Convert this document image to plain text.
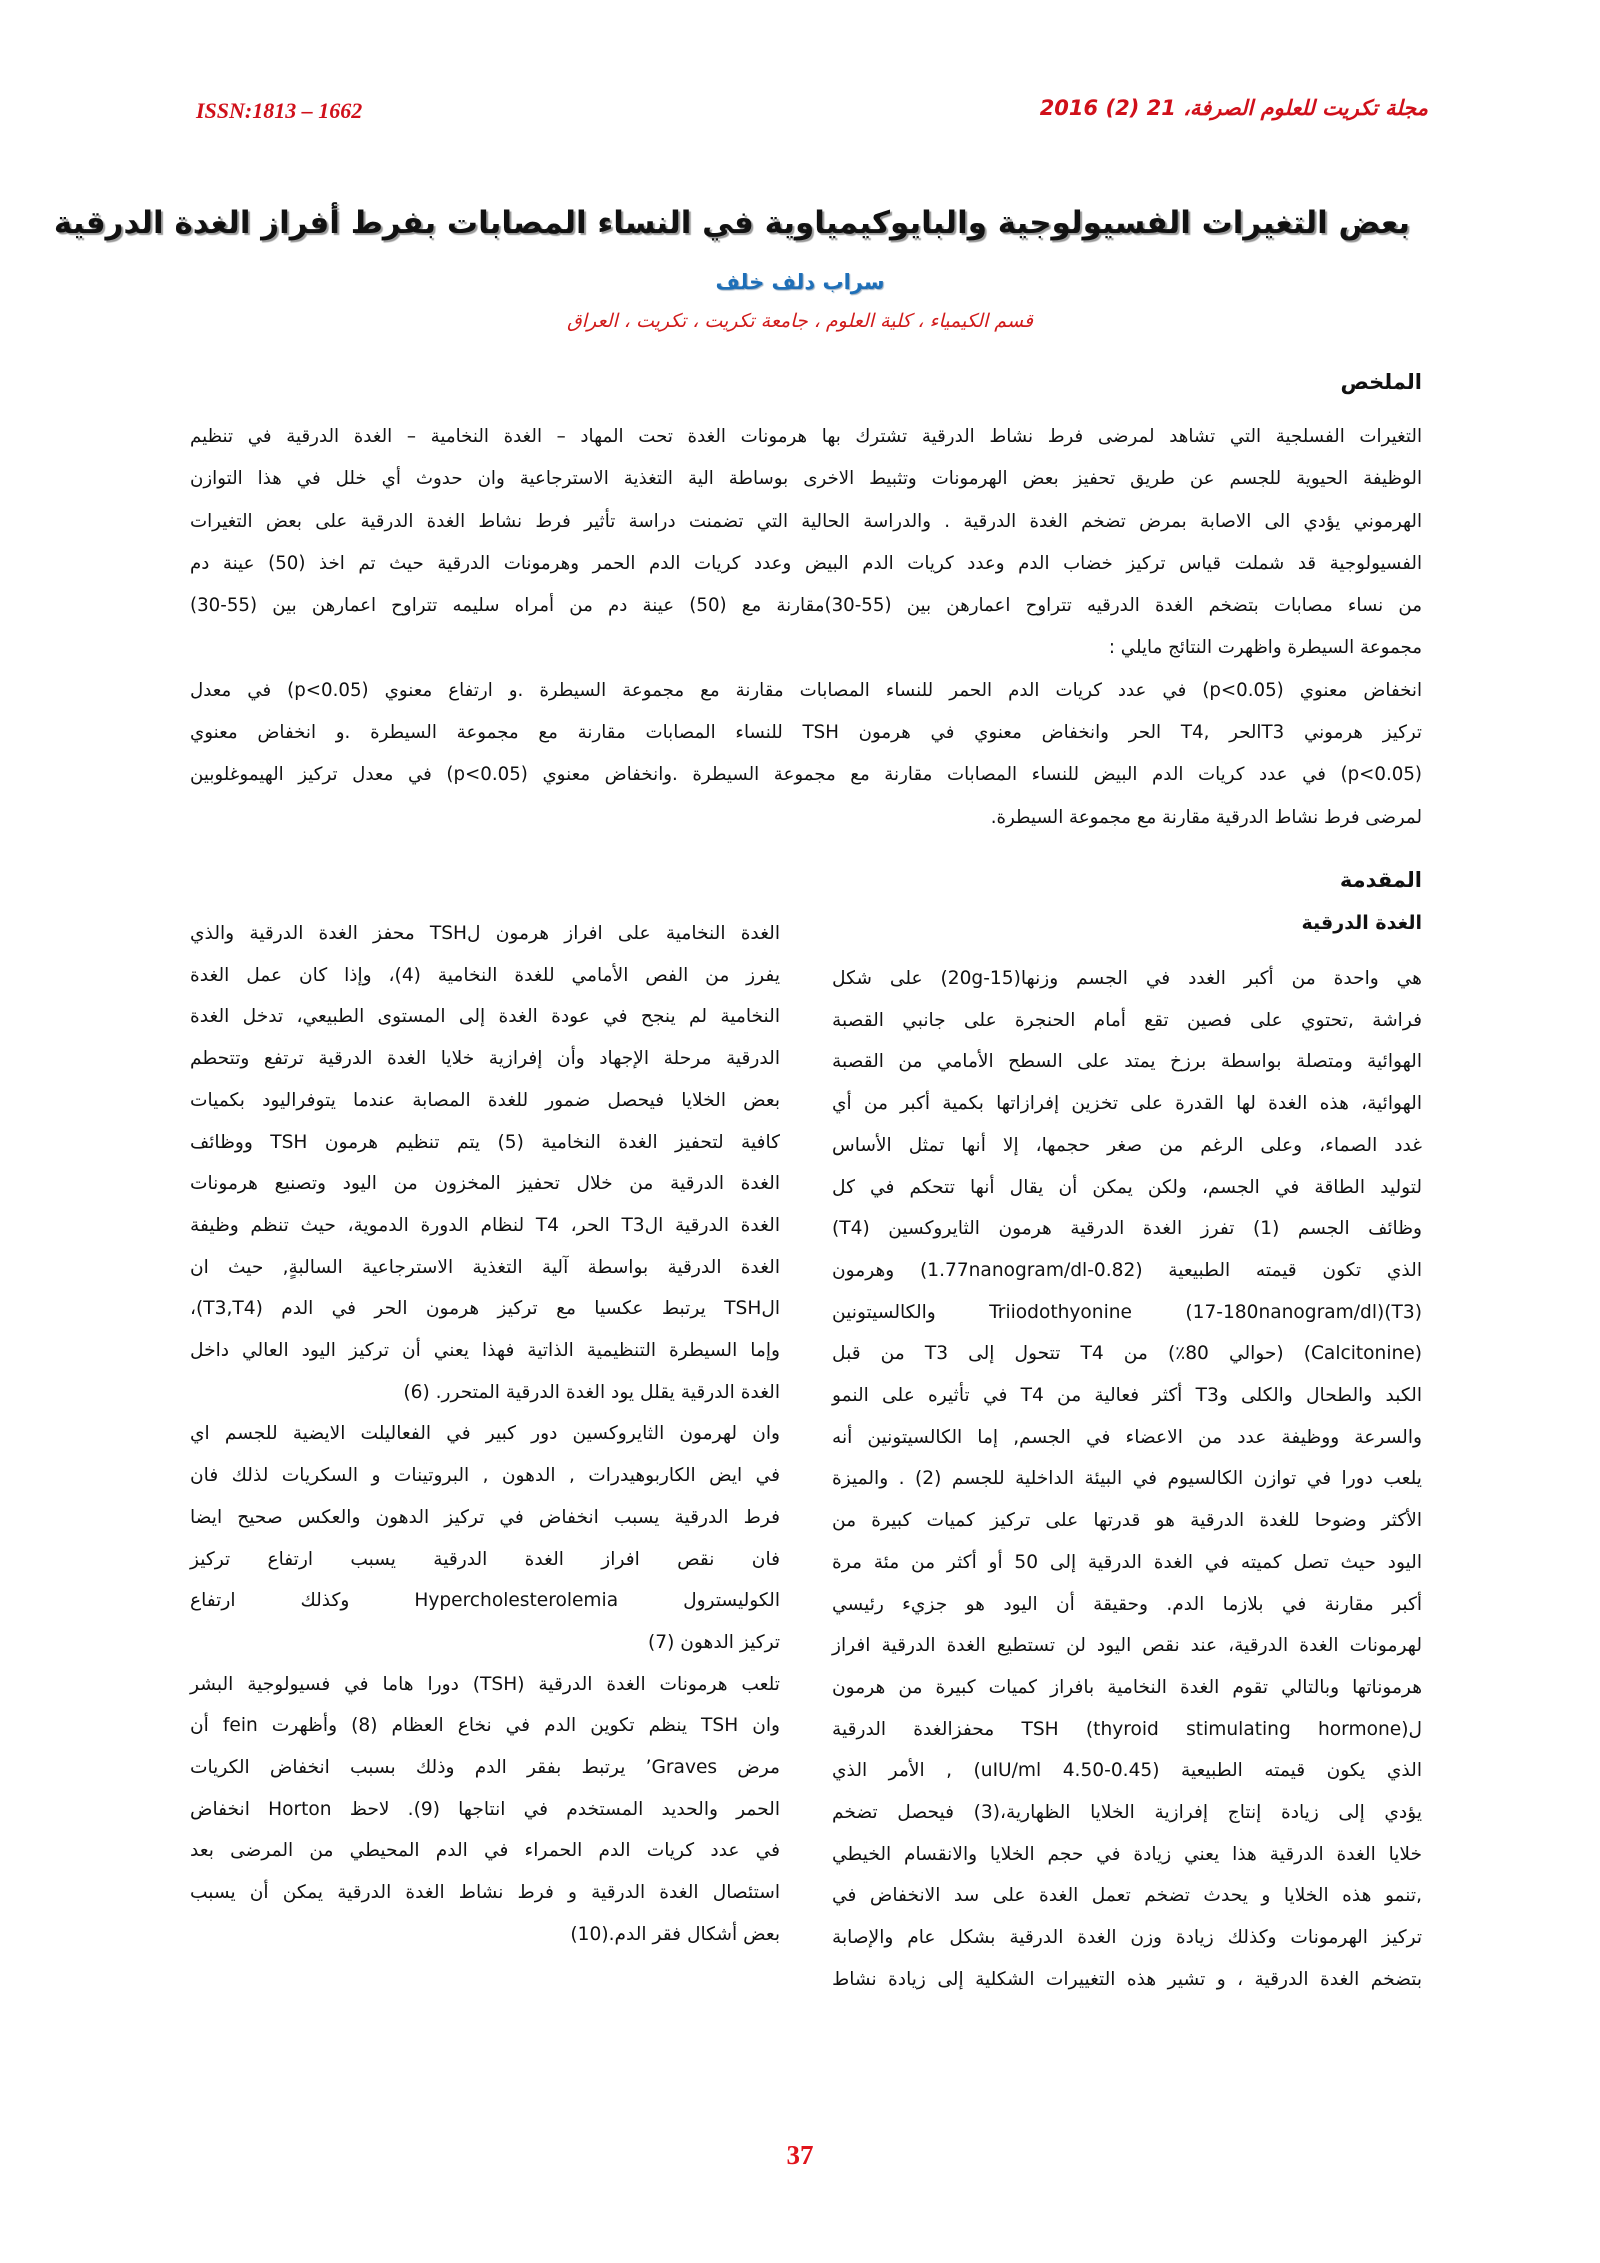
ISSN:1813 – 1662	مجلة تكريت للعلوم الصرفة، 21 (2) 2016
بعض التغيرات الفسيولوجية والبايوكيمياوية في النساء المصابات بفرط أفراز الغدة الدرقية
سراب دلف خلف
قسم الكيمياء ، كلية العلوم ، جامعة تكريت ، تكريت ، العراق
الملخص
التغيرات الفسلجية التي تشاهد لمرضى فرط نشاط الدرقية تشترك بها هرمونات الغدة تحت المهاد – الغدة النخامية – الغدة الدرقية في تنظيم
الوظيفة الحيوية للجسم عن طريق تحفيز بعض الهرمونات وتثبيط الاخرى بوساطة الية التغذية الاسترجاعية وان حدوث أي خلل في هذا التوازن
الهرموني يؤدي الى الاصابة بمرض تضخم الغدة الدرقية . والدراسة الحالية التي تضمنت دراسة تأثير فرط نشاط الغدة الدرقية على بعض التغيرات
الفسيولوجية قد شملت قياس تركيز خضاب الدم وعدد كريات الدم البيض وعدد كريات الدم الحمر وهرمونات الدرقية حيث تم اخذ (50) عينة دم
من نساء مصابات بتضخم الغدة الدرقيه تتراوح اعمارهن بين (55-30)مقارنة مع (50) عينة دم من أمراه سليمه تتراوح اعمارهن بين (55-30)
مجموعة السيطرة واظهرت النتائج مايلي :
انخفاض معنوي (p<0.05) في عدد كريات الدم الحمر للنساء المصابات مقارنة مع مجموعة السيطرة .و ارتفاع معنوي (p<0.05) في معدل
تركيز هرموني T3الحر ,T4 الحر وانخفاض معنوي في هرمون TSH للنساء المصابات مقارنة مع مجموعة السيطرة .و انخفاض معنوي
(p<0.05) في عدد كريات الدم البيض للنساء المصابات مقارنة مع مجموعة السيطرة .وانخفاض معنوي (p<0.05) في معدل تركيز الهيموغلوبين
لمرضى فرط نشاط الدرقية مقارنة مع مجموعة السيطرة.
المقدمة
الغدة الدرقية
هي واحدة من أكبر الغدد في الجسم وزنها(15-20g) على شكل
فراشة ,تحتوي على فصين تقع أمام الحنجرة على جانبي القصبة
الهوائية ومتصلة بواسطة برزخ يمتد على السطح الأمامي من القصبة
الهوائية، هذه الغدة لها القدرة على تخزين إفرازاتها بكمية أكبر من أي
غدد الصماء، وعلى الرغم من صغر حجمها، إلا أنها تمثل الأساس
لتوليد الطاقة في الجسم، ولكن يمكن أن يقال أنها تتحكم في كل
وظائف الجسم (1) تفرز الغدة الدرقية هرمون الثايروكسين (T4)
الذي تكون قيمته الطبيعية (0.82-1.77nanogram/dl) وهرمون
(T3)Triiodothyonine (17-180nanogram/dl) والكالسيتونين
(Calcitonine) (حوالي 80٪) من T4 تتحول إلى T3 من قبل
الكبد والطحال والكلى وT3 أكثر فعالية من T4 في تأثيره على النمو
والسرعة ووظيفة عدد من الاعضاء في الجسم, إما الكالسيتونين أنه
يلعب دورا في توازن الكالسيوم في البيئة الداخلية للجسم (2) . والميزة
الأكثر وضوحا للغدة الدرقية هو قدرتها على تركيز كميات كبيرة من
اليود حيث تصل كميته في الغدة الدرقية إلى 50 أو أكثر من مئة مرة
أكبر مقارنة في بلازما الدم. وحقيقة أن اليود هو جزيء رئيسي
لهرمونات الغدة الدرقية، عند نقص اليود لن تستطيع الغدة الدرقية افراز
هرموناتها وبالتالي تقوم الغدة النخامية بافراز كميات كبيرة من هرمون
لTSH (thyroid stimulating hormone) محفزالغدة الدرقية
الذي يكون قيمته الطبيعية (0.45-4.50 uIU/ml) , الأمر الذي
يؤدي إلى زيادة إنتاج إفرازية الخلايا الظهارية،(3) فيحصل تضخم
خلايا الغدة الدرقية هذا يعني زيادة في حجم الخلايا والانقسام الخيطي
,تنمو هذه الخلايا و يحدث تضخم تعمل الغدة على سد الانخفاض في
تركيز الهرمونات وكذلك زيادة وزن الغدة الدرقية بشكل عام والإصابة
بتضخم الغدة الدرقية ، و تشير هذه التغييرات الشكلية إلى زيادة نشاط
الغدة النخامية على افراز هرمون لTSH محفز الغدة الدرقية والذي
يفرز من الفص الأمامي للغدة النخامية (4)، وإذا كان عمل الغدة
النخامية لم ينجح في عودة الغدة إلى المستوى الطبيعي، تدخل الغدة
الدرقية مرحلة الإجهاد وأن إفرازية خلايا الغدة الدرقية ترتفع وتتحطم
بعض الخلايا فيحصل ضمور للغدة المصابة عندما يتوفراليود بكميات
كافية لتحفيز الغدة النخامية (5) يتم تنظيم هرمون TSH ووظائف
الغدة الدرقية من خلال تحفيز المخزون من اليود وتصنيع هرمونات
الغدة الدرقية الT3 الحر، T4 لنظام الدورة الدموية، حيث تنظم وظيفة
الغدة الدرقية بواسطة آلية التغذية الاسترجاعية السالبةٍ, حيث ان
الTSH يرتبط عكسيا مع تركيز هرمون الحر في الدم (T3,T4)،
وإما السيطرة التنظيمية الذاتية فهذا يعني أن تركيز اليود العالي داخل
الغدة الدرقية يقلل يود الغدة الدرقية المتحرر. (6)
وان لهرمون الثايروكسين دور كبير في الفعاليلت الايضية للجسم اي
في ايض الكاربوهيدرات , الدهون , البروتينات و السكريات لذلك فان
فرط الدرقية يسبب انخفاض في تركيز الدهون والعكس صحيح ايضا
فان نقص افراز الغدة الدرقية يسبب ارتفاع تركيز
الكوليسترول Hypercholesterolemia وكذلك ارتفاع
تركيز الدهون (7)
تلعب هرمونات الغدة الدرقية (TSH) دورا هاما في فسيولوجية البشر
وان TSH ينظم تكوين الدم في نخاع العظام (8) وأظهرت fein أن
مرض Graves’ يرتبط بفقر الدم وذلك بسبب انخفاض الكريات
الحمر والحديد المستخدم في انتاجها (9). لاحظ Horton انخفاض
في عدد كريات الدم الحمراء في الدم المحيطي من المرضى بعد
استئصال الغدة الدرقية و فرط نشاط الغدة الدرقية يمكن أن يسبب
بعض أشكال فقر الدم.(10)
37
